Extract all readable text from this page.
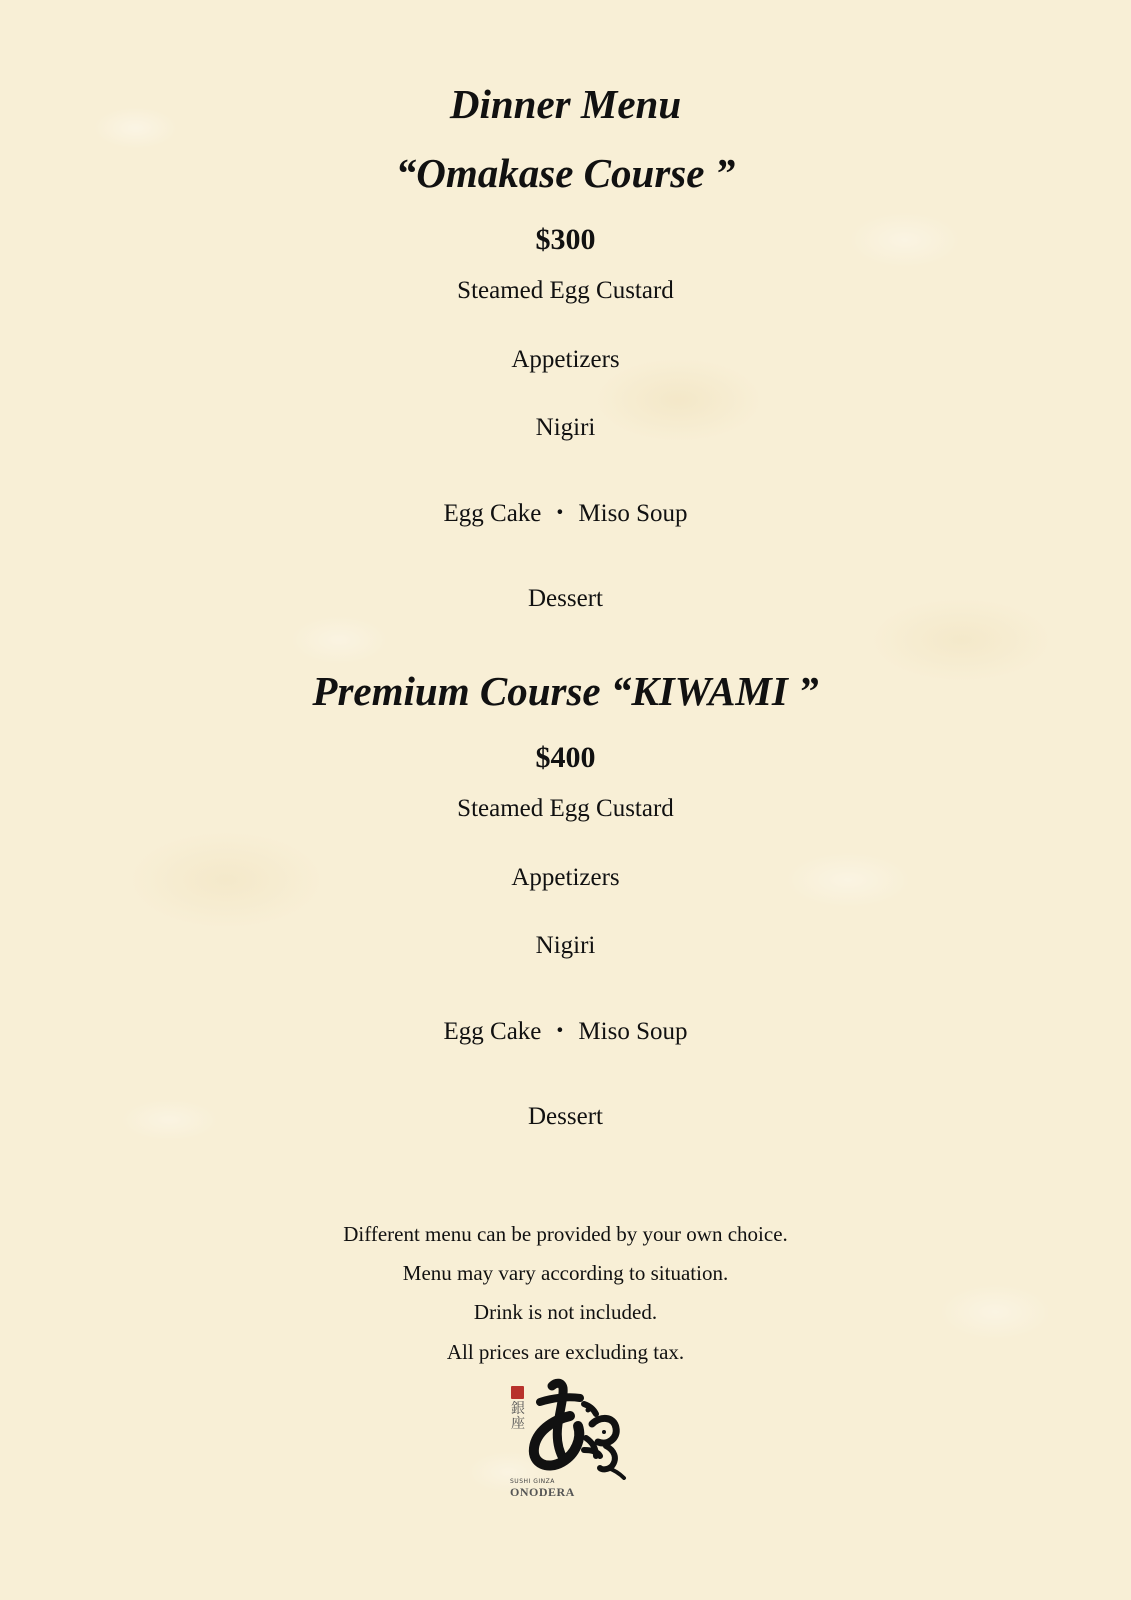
Dinner Menu
“Omakase Course ”
$300
Steamed Egg Custard
Appetizers
Nigiri
Egg Cake ・ Miso Soup
Dessert
Premium Course “KIWAMI ”
$400
Steamed Egg Custard
Appetizers
Nigiri
Egg Cake ・ Miso Soup
Dessert
Different menu can be provided by your own choice.
Menu may vary according to situation.
Drink is not included.
All prices are excluding tax.
銀座
SUSHI GINZA
ONODERA
